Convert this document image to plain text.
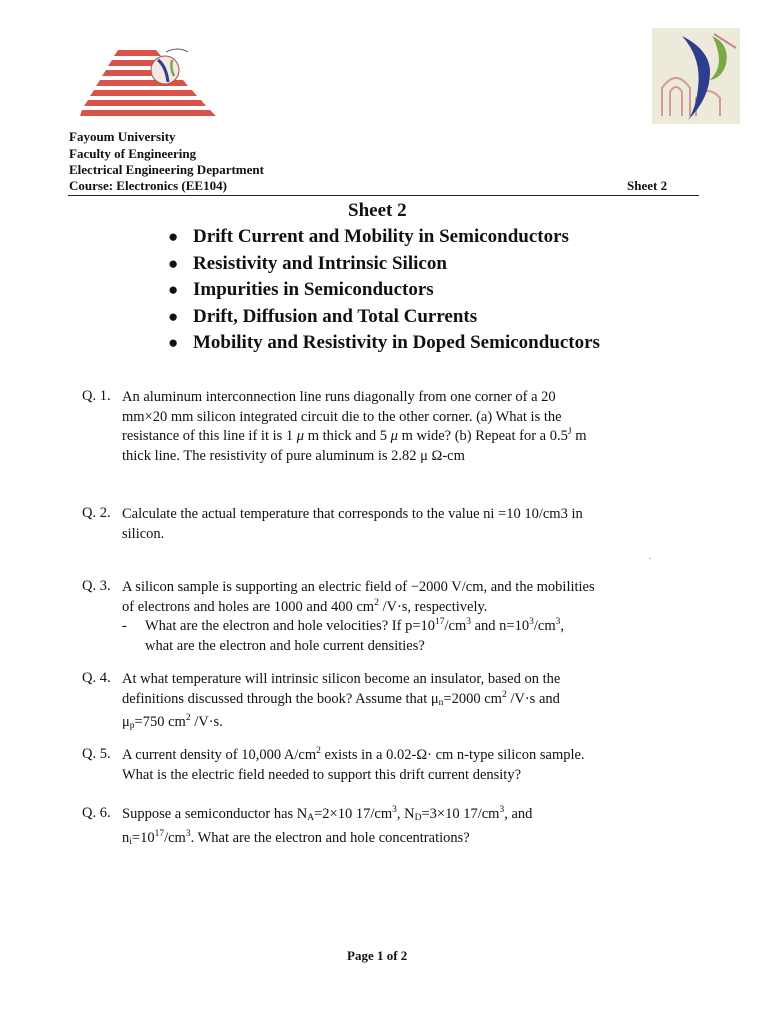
Fayoum University
Faculty of Engineering
Electrical Engineering Department
Course: Electronics (EE104)	Sheet 2
Sheet 2
● Drift Current and Mobility in Semiconductors
● Resistivity and Intrinsic Silicon
● Impurities in Semiconductors
● Drift, Diffusion and Total Currents
● Mobility and Resistivity in Doped Semiconductors
Q. 1. An aluminum interconnection line runs diagonally from one corner of a 20
mm×20 mm silicon integrated circuit die to the other corner. (a) What is the
resistance of this line if it is 1 μ m thick and 5 μ m wide? (b) Repeat for a $0.5^J$ m
thick line. The resistivity of pure aluminum is 2.82 μ Ω-cm
Q. 2. Calculate the actual temperature that corresponds to the value ni =10 10/cm3 in
silicon.
.
Q. 3. A silicon sample is supporting an electric field of −2000 V/cm, and the mobilities
of electrons and holes are 1000 and 400 $cm^2$ /V·s, respectively.
- What are the electron and hole velocities? If $p=10^{17}/cm^3$ and $n=10^3/cm^3$,
what are the electron and hole current densities?
Q. 4. At what temperature will intrinsic silicon become an insulator, based on the
definitions discussed through the book? Assume that $\mu_n=2000$ $cm^2$ /V·s and
$\mu_p=750$ $cm^2$ /V·s.
Q. 5. A current density of 10,000 $A/cm^2$ exists in a 0.02-Ω· cm n-type silicon sample.
What is the electric field needed to support this drift current density?
Q. 6. Suppose a semiconductor has $N_A=2\times 10$ $17/cm^3$, $N_D=3\times 10$ $17/cm^3$, and
$n_i=10^{17}/cm^3$. What are the electron and hole concentrations?
Page 1 of 2
